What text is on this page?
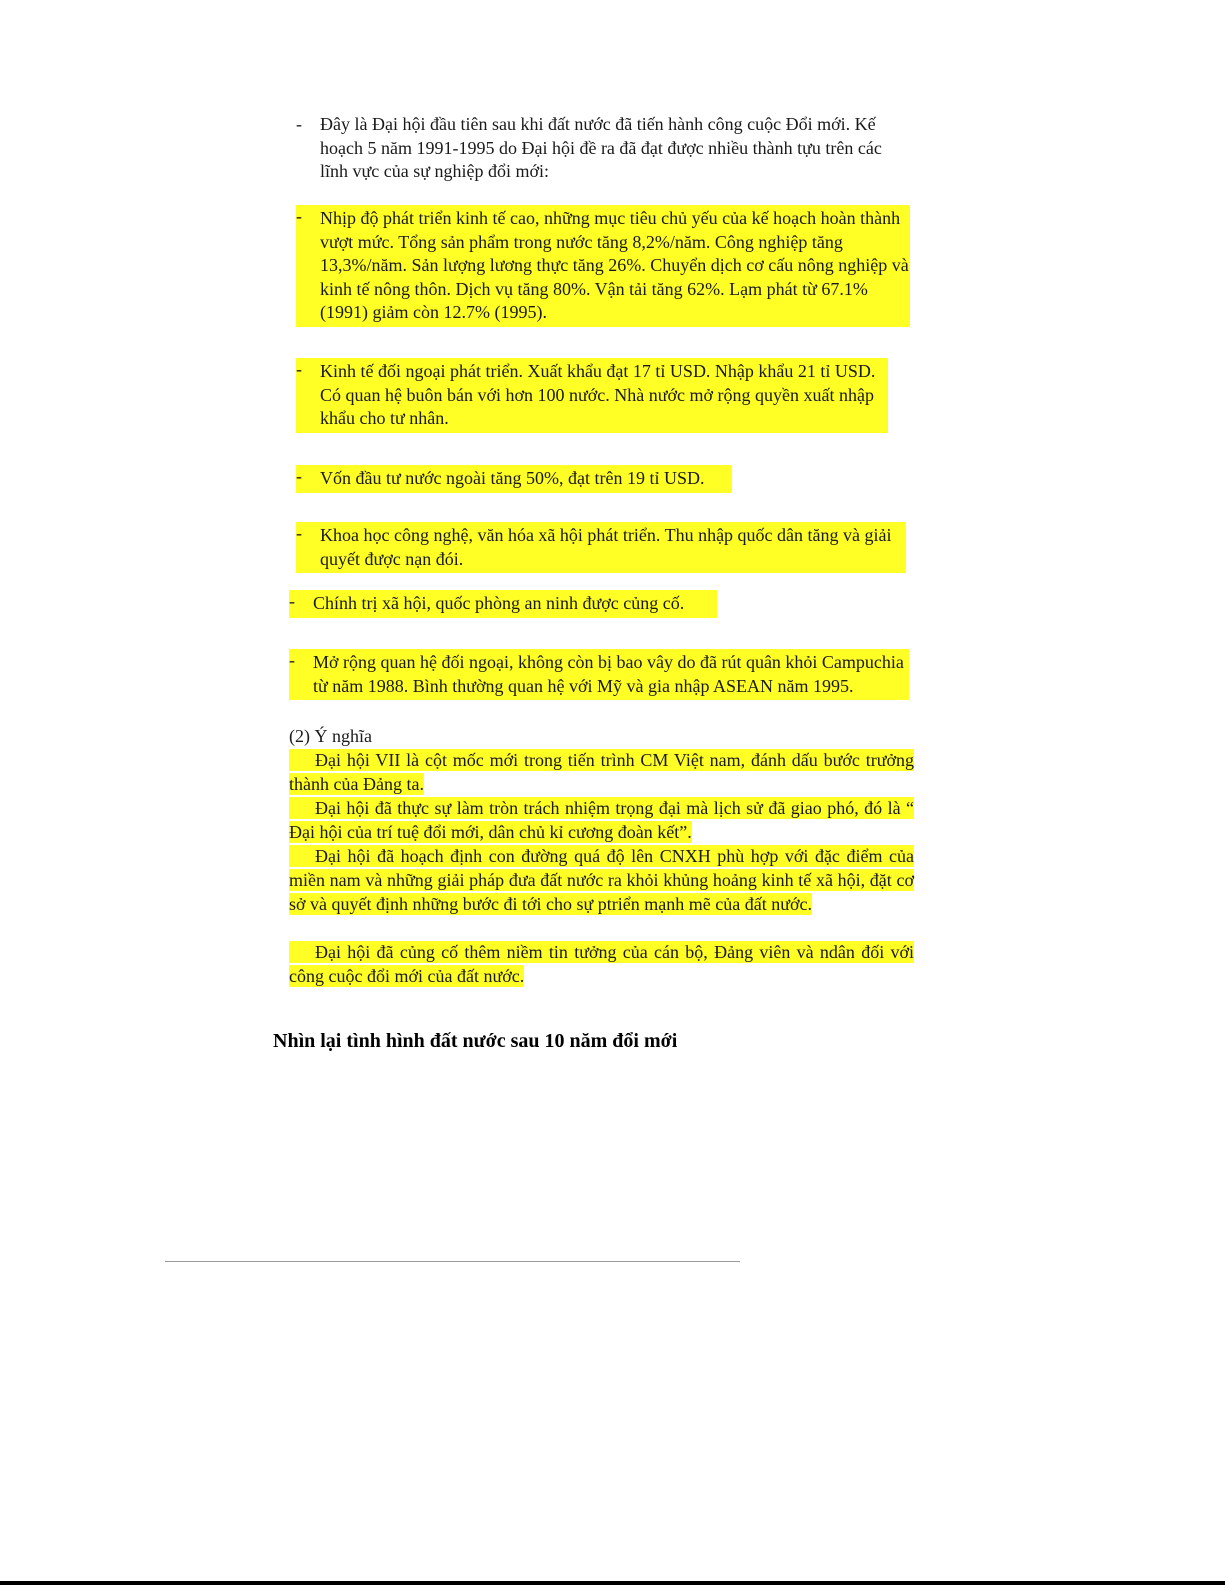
-	Đây là Đại hội đầu tiên sau khi đất nước đã tiến hành công cuộc Đổi mới. Kế hoạch 5 năm 1991-1995 do Đại hội đề ra đã đạt được nhiều thành tựu trên các lĩnh vực của sự nghiệp đổi mới:
-	Nhịp độ phát triển kinh tế cao, những mục tiêu chủ yếu của kế hoạch hoàn thành vượt mức. Tổng sản phẩm trong nước tăng 8,2%/năm. Công nghiệp tăng 13,3%/năm. Sản lượng lương thực tăng 26%. Chuyển dịch cơ cấu nông nghiệp và kinh tế nông thôn. Dịch vụ tăng 80%. Vận tải tăng 62%. Lạm phát từ 67.1% (1991) giảm còn 12.7% (1995).
-	Kinh tế đối ngoại phát triển. Xuất khẩu đạt 17 tỉ USD. Nhập khẩu 21 tỉ USD. Có quan hệ buôn bán với hơn 100 nước. Nhà nước mở rộng quyền xuất nhập khẩu cho tư nhân.
-	Vốn đầu tư nước ngoài tăng 50%, đạt trên 19 tỉ USD.
-	Khoa học công nghệ, văn hóa xã hội phát triển. Thu nhập quốc dân tăng và giải quyết được nạn đói.
-	Chính trị xã hội, quốc phòng an ninh được củng cố.
-	Mở rộng quan hệ đối ngoại, không còn bị bao vây do đã rút quân khỏi Campuchia từ năm 1988. Bình thường quan hệ với Mỹ và gia nhập ASEAN năm 1995.
(2) Ý nghĩa
Đại hội VII là cột mốc mới trong tiến trình CM Việt nam, đánh dấu bước trưởng thành của Đảng ta.
Đại hội đã thực sự làm tròn trách nhiệm trọng đại mà lịch sử đã giao phó, đó là “ Đại hội của trí tuệ đổi mới, dân chủ kỉ cương đoàn kết”.
Đại hội đã hoạch định con đường quá độ lên CNXH phù hợp với đặc điểm của miền nam và những giải pháp đưa đất nước ra khỏi khủng hoảng kinh tế xã hội, đặt cơ sở và quyết định những bước đi tới cho sự ptriển mạnh mẽ của đất nước.
Đại hội đã củng cố thêm niềm tin tưởng của cán bộ, Đảng viên và ndân đối với công cuộc đổi mới của đất nước.
Nhìn lại tình hình đất nước sau 10 năm đổi mới
